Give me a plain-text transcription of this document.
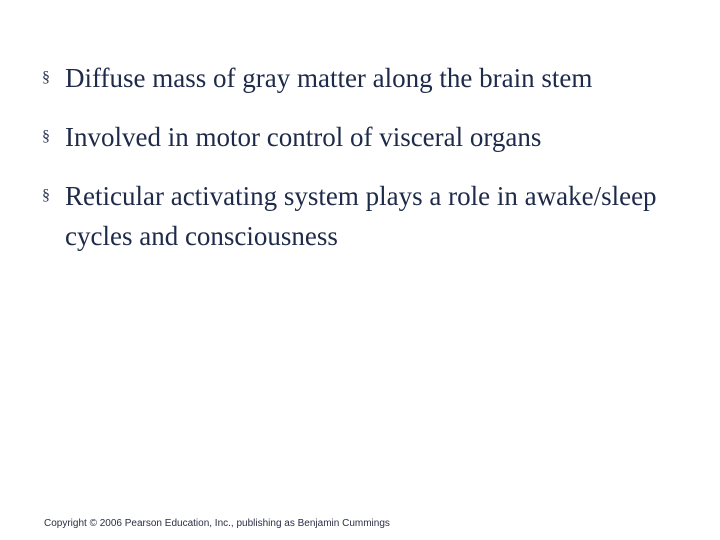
§ Diffuse mass of gray matter along the brain stem
§ Involved in motor control of visceral organs
§ Reticular activating system plays a role in awake/sleep cycles and consciousness
Copyright © 2006 Pearson Education, Inc., publishing as Benjamin Cummings
